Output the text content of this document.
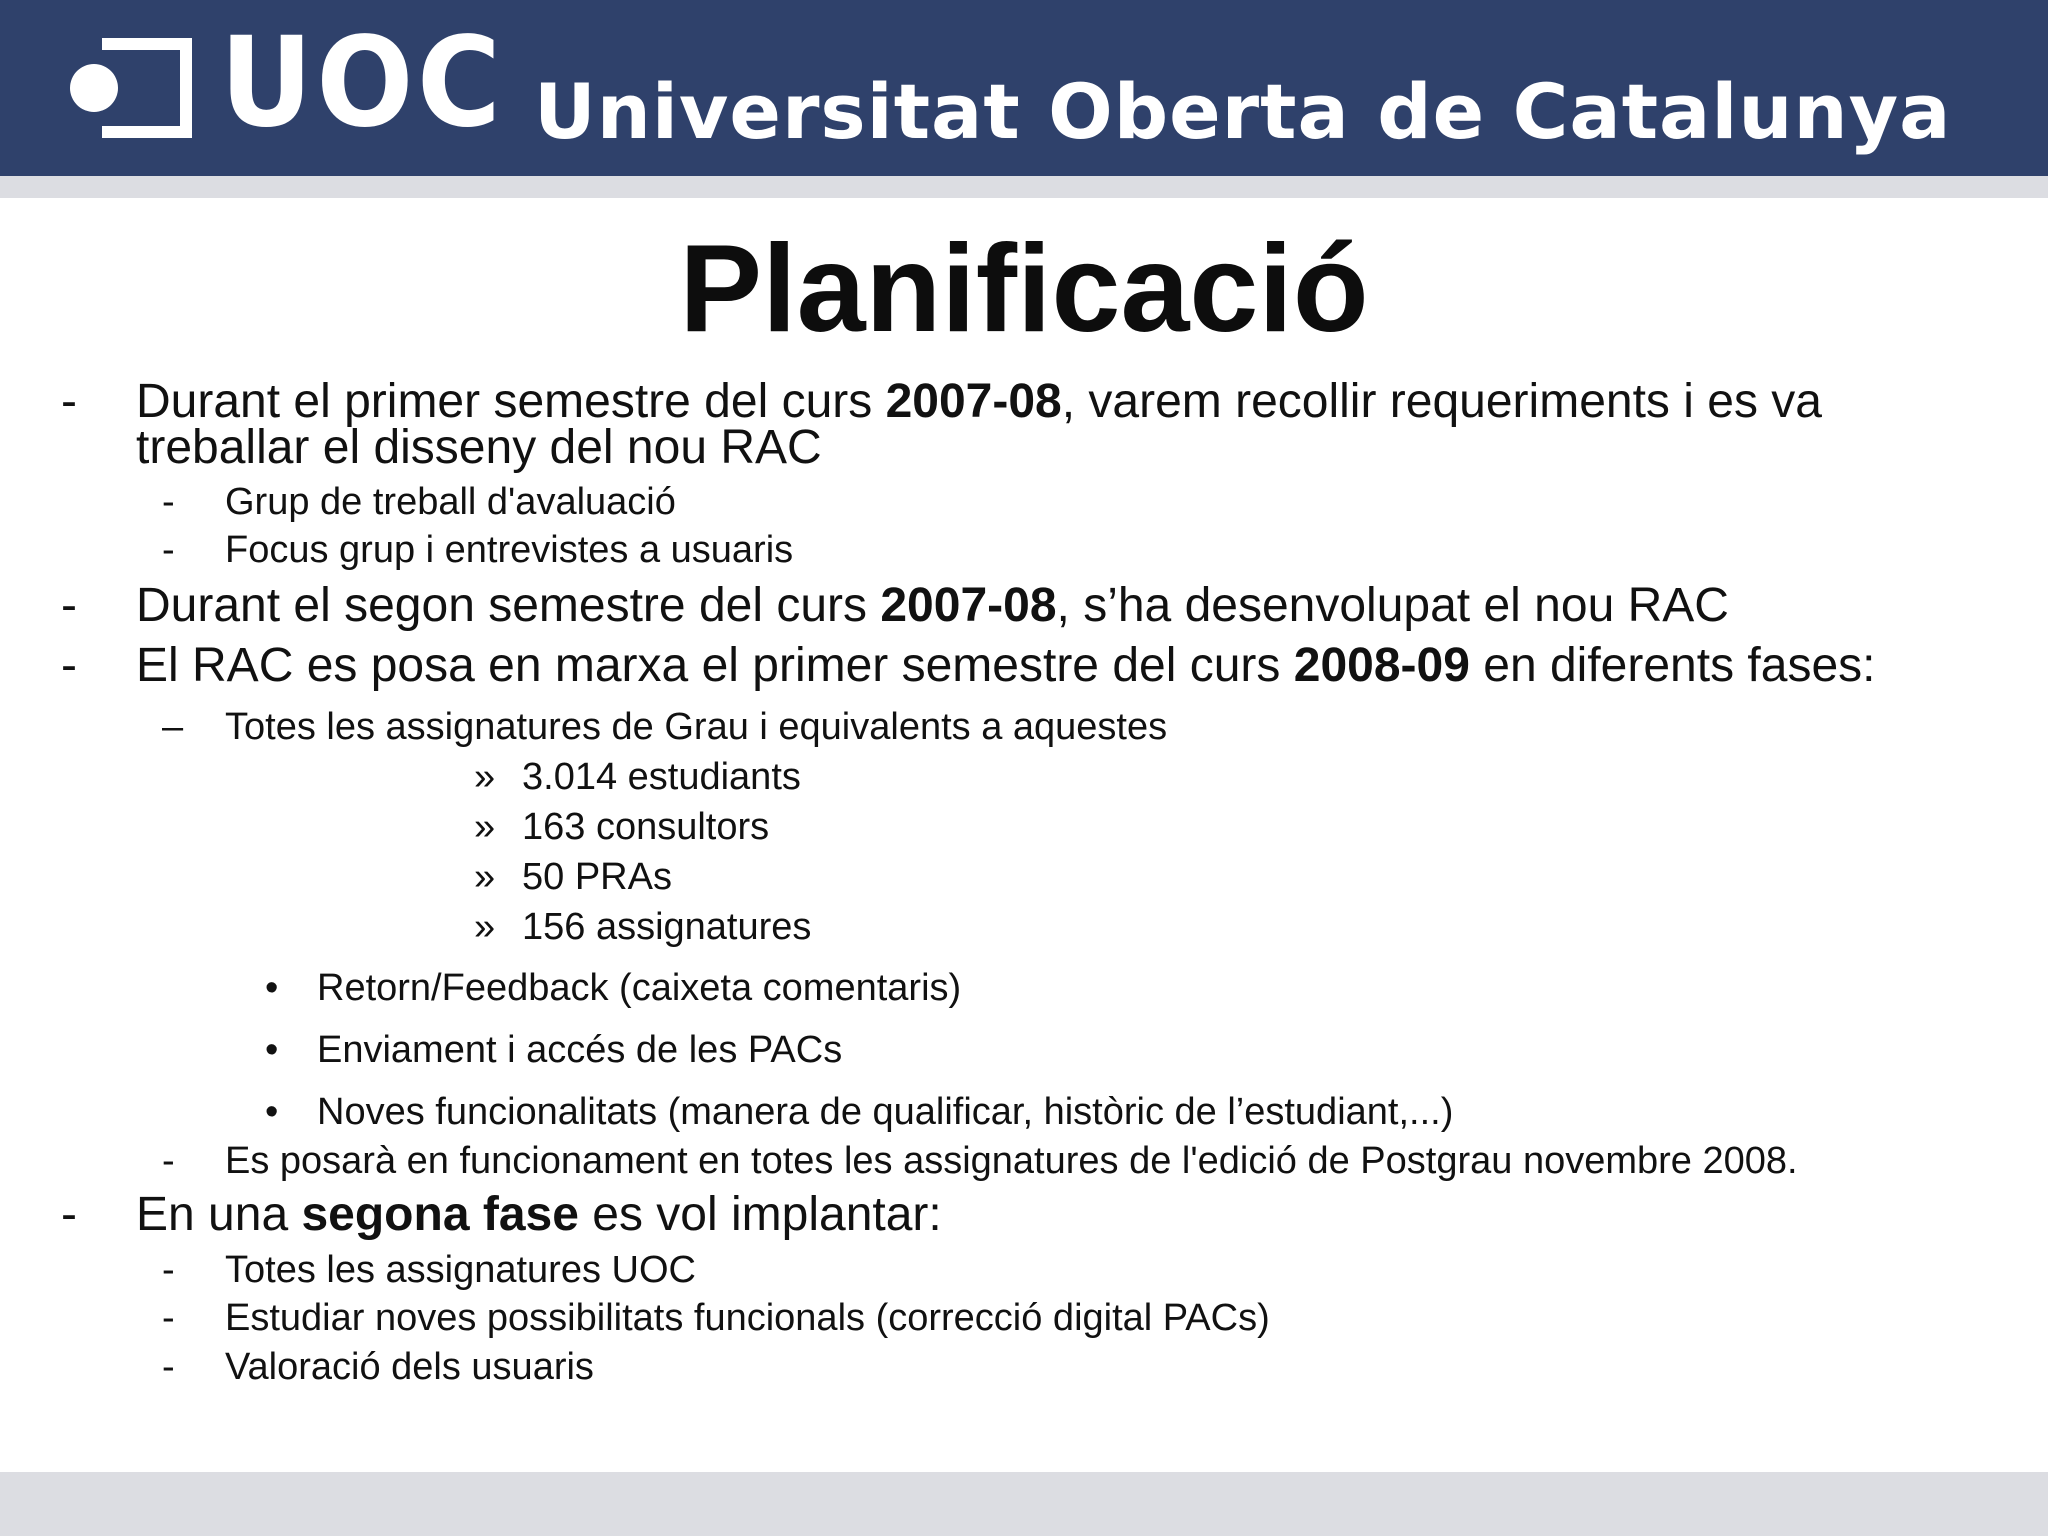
UOC Universitat Oberta de Catalunya
Planificació
- Durant el primer semestre del curs 2007-08, varem recollir requeriments i es va
treballar el disseny del nou RAC
- Grup de treball d'avaluació
- Focus grup i entrevistes a usuaris
- Durant el segon semestre del curs 2007-08, s’ha desenvolupat el nou RAC
- El RAC es posa en marxa el primer semestre del curs 2008-09 en diferents fases:
– Totes les assignatures de Grau i equivalents a aquestes
» 3.014 estudiants
» 163 consultors
» 50 PRAs
» 156 assignatures
• Retorn/Feedback (caixeta comentaris)
• Enviament i accés de les PACs
• Noves funcionalitats (manera de qualificar, històric de l’estudiant,...)
- Es posarà en funcionament en totes les assignatures de l'edició de Postgrau novembre 2008.
- En una segona fase es vol implantar:
- Totes les assignatures UOC
- Estudiar noves possibilitats funcionals (correcció digital PACs)
- Valoració dels usuaris
